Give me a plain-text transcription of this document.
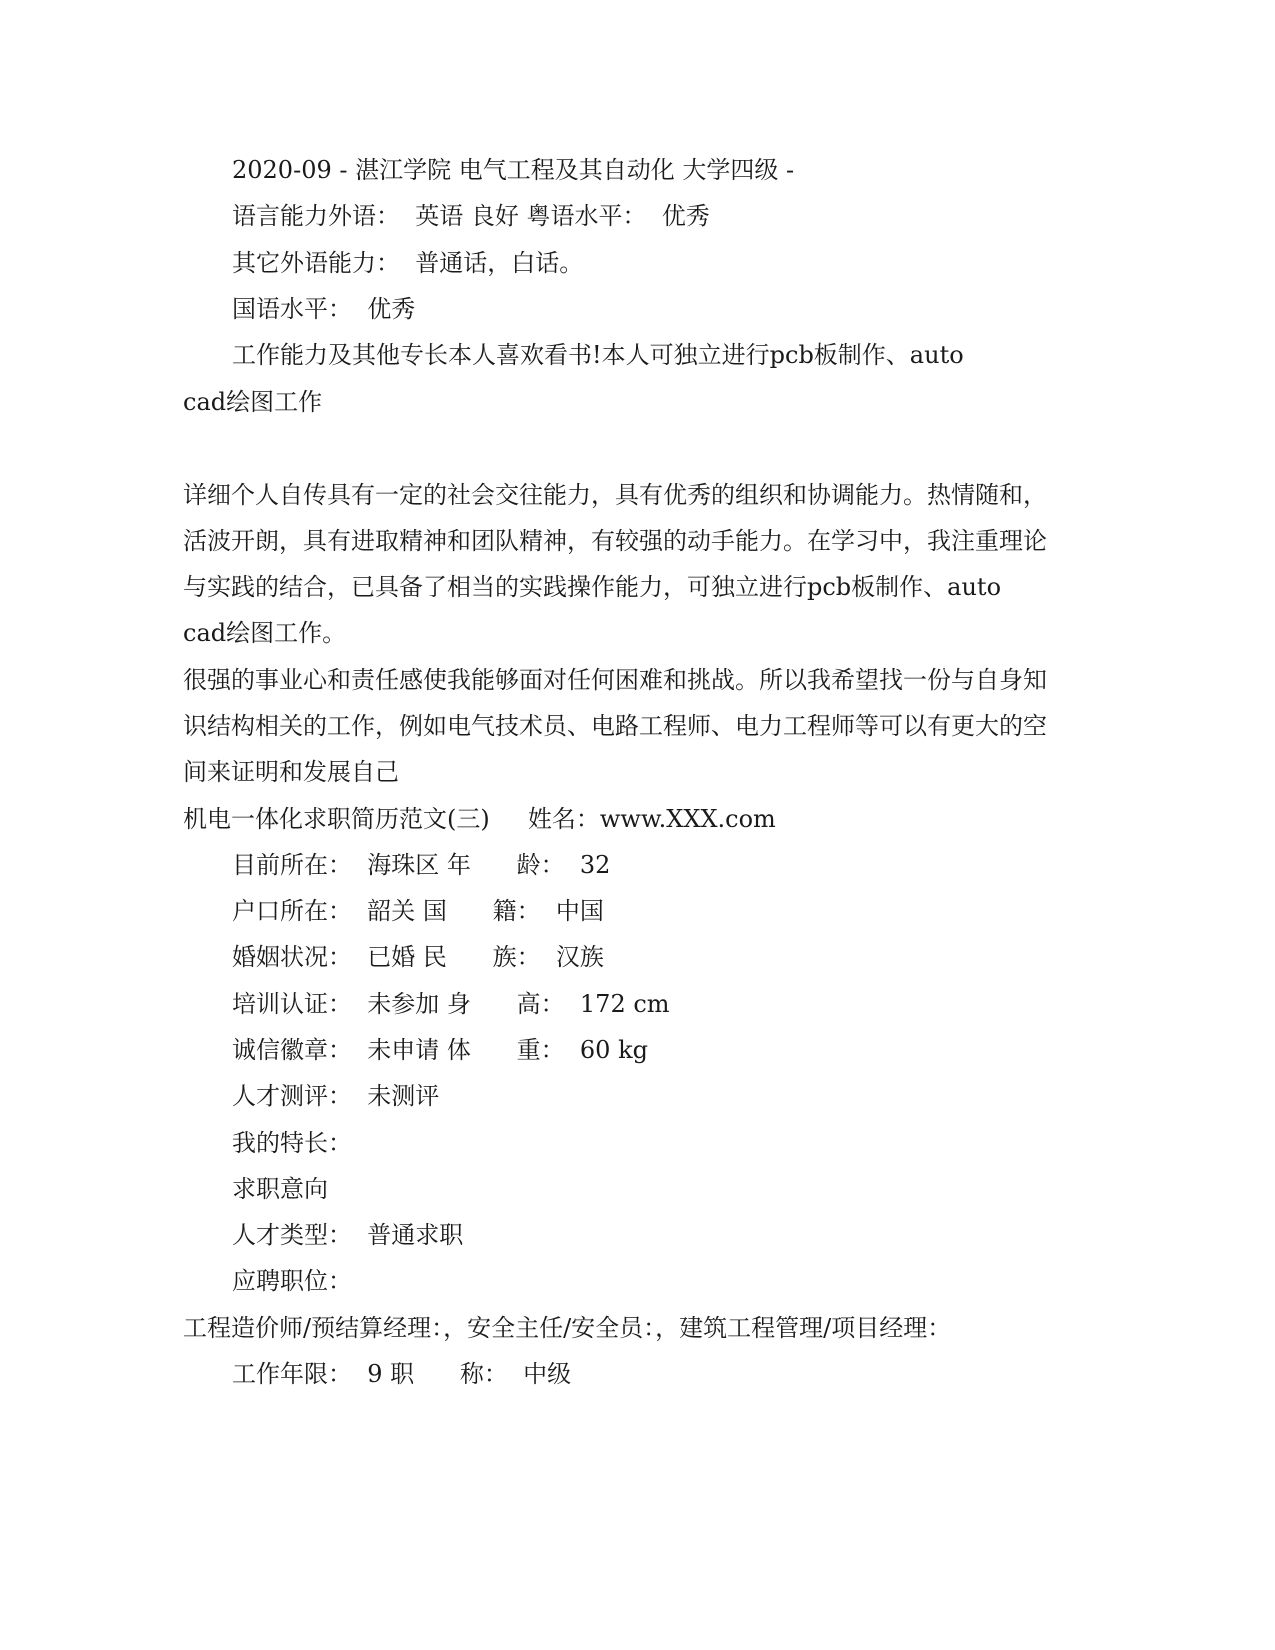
2020-09 - 湛江学院 电气工程及其自动化 大学四级 -
语言能力外语：  英语 良好 粤语水平：  优秀
其它外语能力：  普通话，白话。
国语水平：  优秀
工作能力及其他专长本人喜欢看书!本人可独立进行pcb板制作、auto
cad绘图工作
详细个人自传具有一定的社会交往能力，具有优秀的组织和协调能力。热情随和，
活波开朗，具有进取精神和团队精神，有较强的动手能力。在学习中，我注重理论
与实践的结合，已具备了相当的实践操作能力，可独立进行pcb板制作、auto
cad绘图工作。
很强的事业心和责任感使我能够面对任何困难和挑战。所以我希望找一份与自身知
识结构相关的工作，例如电气技术员、电路工程师、电力工程师等可以有更大的空
间来证明和发展自己
机电一体化求职简历范文(三)     姓名：www.XXX.com
目前所在：  海珠区 年      龄：  32
户口所在：  韶关 国      籍：  中国
婚姻状况：  已婚 民      族：  汉族
培训认证：  未参加 身      高：  172 cm
诚信徽章：  未申请 体      重：  60 kg
人才测评：  未测评
我的特长：
求职意向
人才类型：  普通求职
应聘职位：
工程造价师/预结算经理：，安全主任/安全员：，建筑工程管理/项目经理：
工作年限：  9 职      称：  中级
